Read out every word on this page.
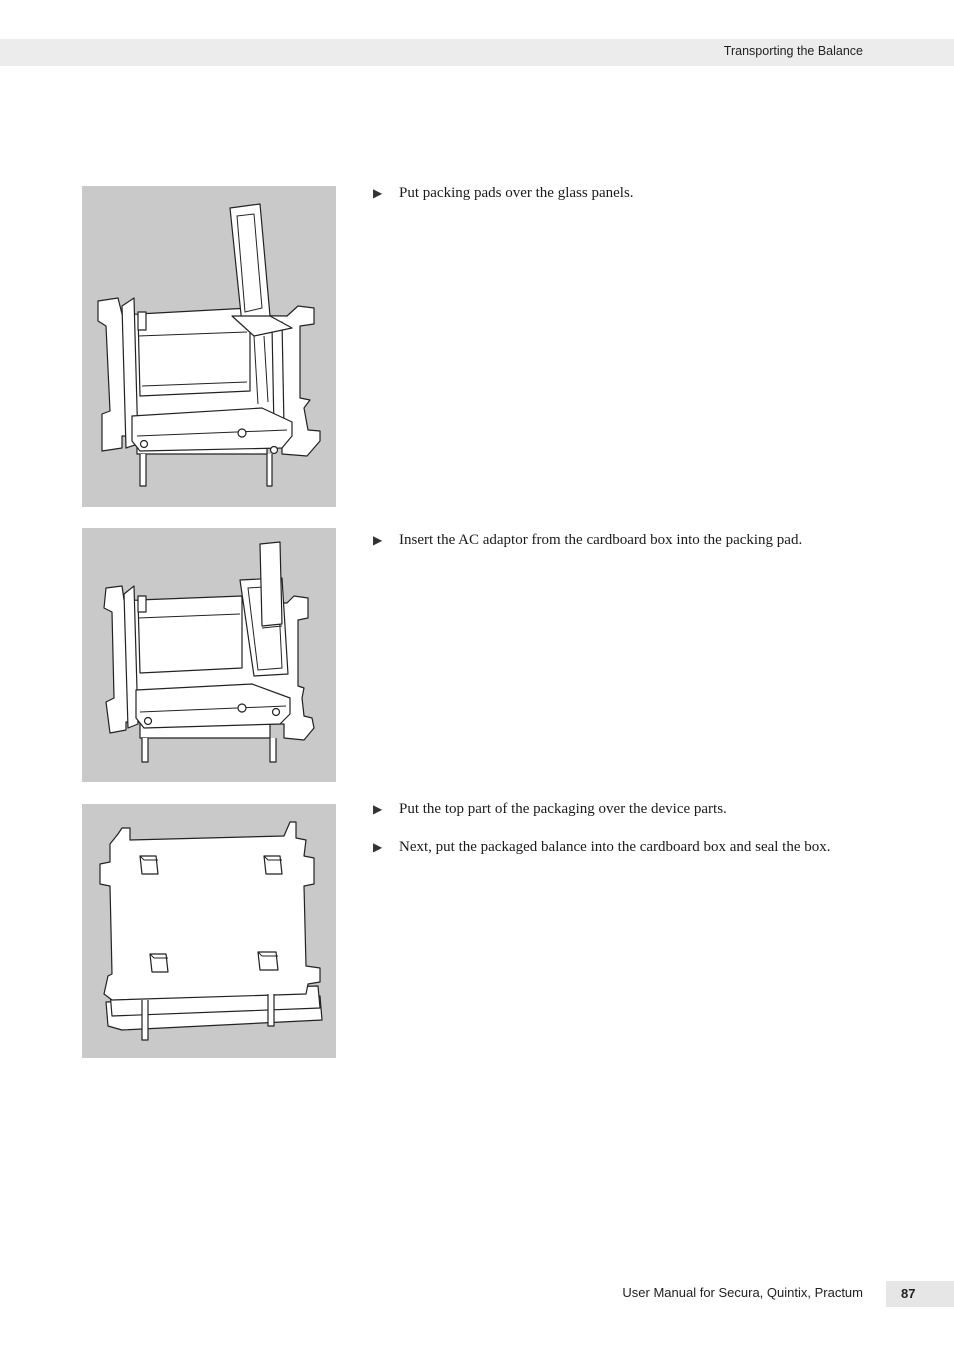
Transporting the Balance
▶ Put packing pads over the glass panels.
▶ Insert the AC adaptor from the cardboard box into the packing pad.
▶ Put the top part of the packaging over the device parts.
▶ Next, put the packaged balance into the cardboard box and seal the box.
User Manual for Secura, Quintix, Practum	87
